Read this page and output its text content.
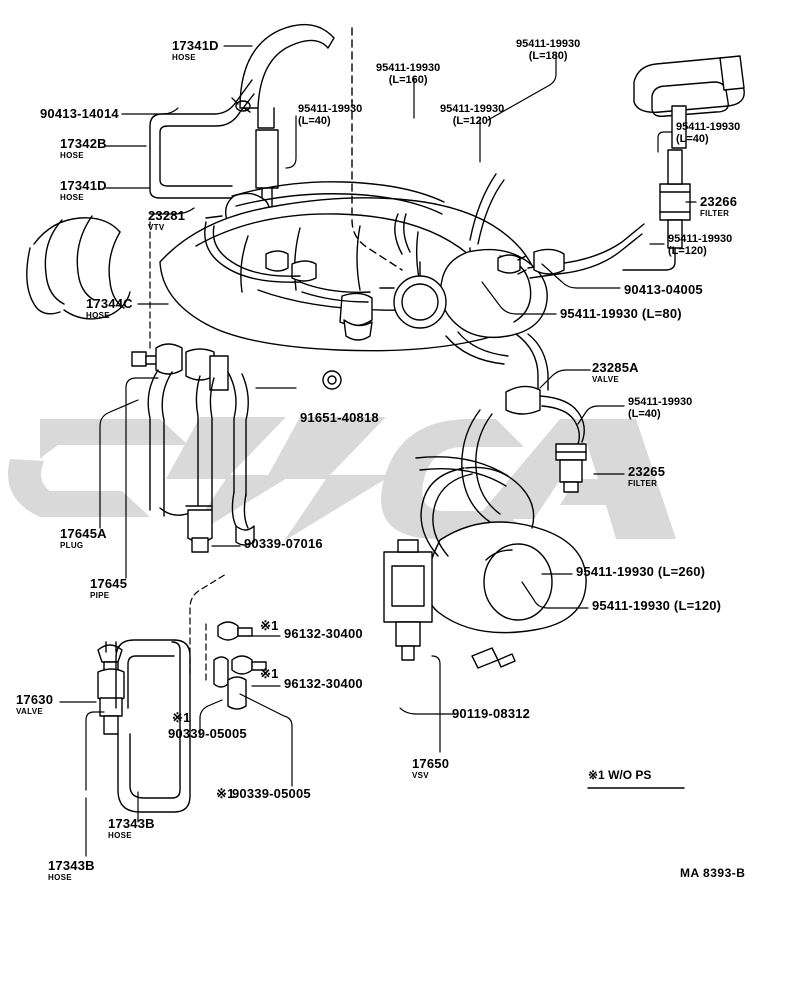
17341D
HOSE
90413-14014
17342B
HOSE
17341D
HOSE
23281
VTV
17344C
HOSE
95411-19930
(L=40)
95411-19930
(L=160)
95411-19930
(L=120)
95411-19930
(L=180)
95411-19930
(L=40)
23266
FILTER
95411-19930
(L=120)
90413-04005
95411-19930 (L=80)
23285A
VALVE
95411-19930
(L=40)
23265
FILTER
91651-40818
17645A
PLUG	90339-07016
17645
PIPE
95411-19930 (L=260)
95411-19930 (L=120)
96132-30400
96132-30400
17630
VALVE
90339-05005
90119-08312
17650
VSV
90339-05005
17343B
HOSE
17343B
HOSE
※1
※1
※1
※1
※1 W/O PS
MA 8393-B
